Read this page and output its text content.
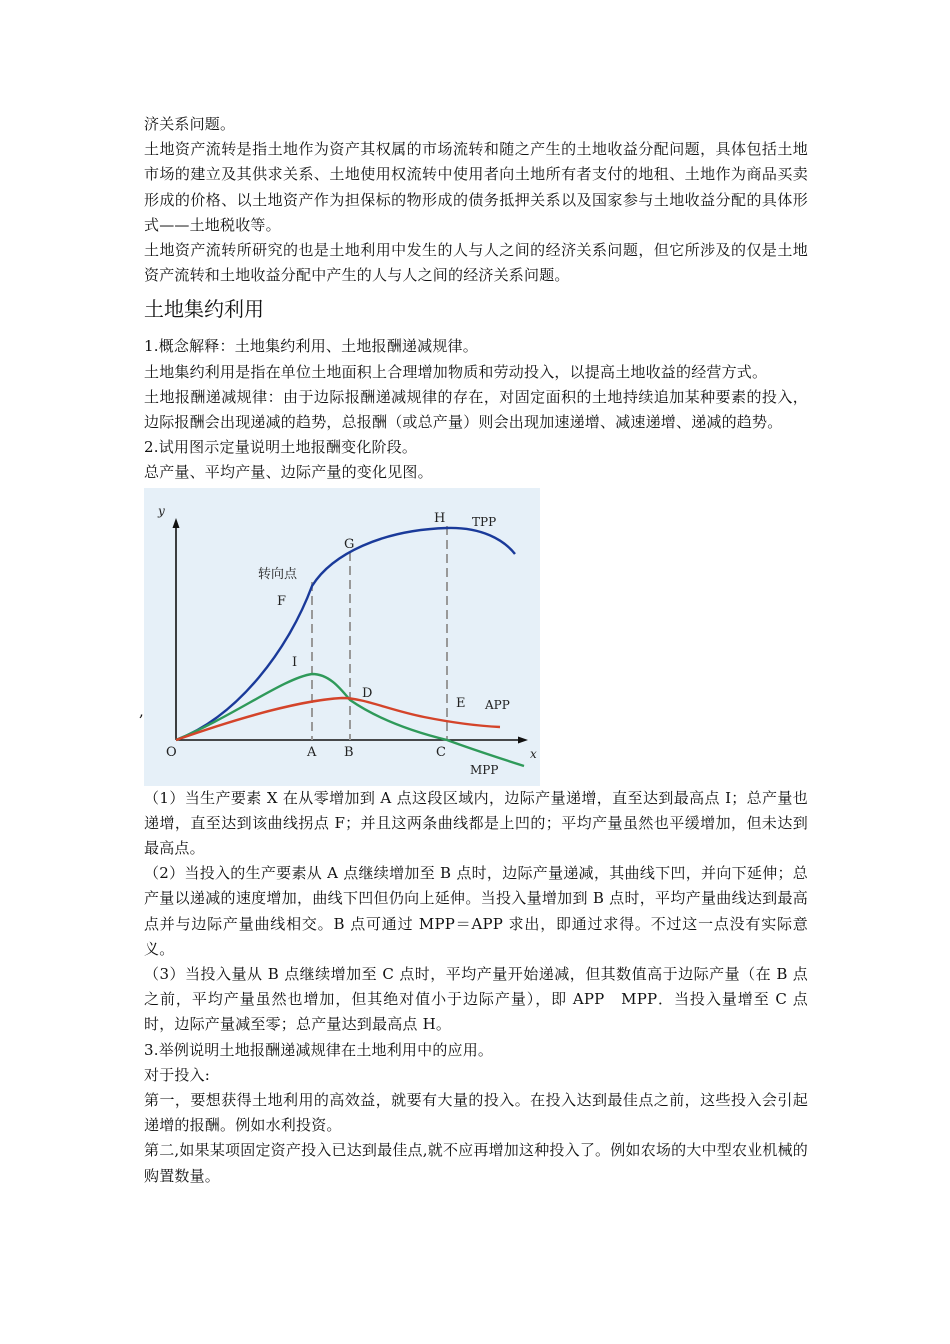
济关系问题。

土地资产流转是指土地作为资产其权属的市场流转和随之产生的土地收益分配问题，具体包括土地市场的建立及其供求关系、土地使用权流转中使用者向土地所有者支付的地租、土地作为商品买卖形成的价格、以土地资产作为担保标的物形成的债务抵押关系以及国家参与土地收益分配的具体形式——土地税收等。

土地资产流转所研究的也是土地利用中发生的人与人之间的经济关系问题，但它所涉及的仅是土地资产流转和土地收益分配中产生的人与人之间的经济关系问题。

土地集约利用

1.概念解释：土地集约利用、土地报酬递减规律。

土地集约利用是指在单位土地面积上合理增加物质和劳动投入，以提高土地收益的经营方式。

土地报酬递减规律：由于边际报酬递减规律的存在，对固定面积的土地持续追加某种要素的投入，边际报酬会出现递减的趋势，总报酬（或总产量）则会出现加速递增、减速递增、递减的趋势。

2.试用图示定量说明土地报酬变化阶段。

总产量、平均产量、边际产量的变化见图。

y
x
O	A B	C
H
G
F
I
D
E
转向点
TPP
APP
MPP
,

（1）当生产要素 X 在从零增加到 A 点这段区域内，边际产量递增，直至达到最高点 I；总产量也递增，直至达到该曲线拐点 F；并且这两条曲线都是上凹的；平均产量虽然也平缓增加，但未达到最高点。

（2）当投入的生产要素从 A 点继续增加至 B 点时，边际产量递减，其曲线下凹，并向下延伸；总产量以递减的速度增加，曲线下凹但仍向上延伸。当投入量增加到 B 点时，平均产量曲线达到最高点并与边际产量曲线相交。B 点可通过 MPP＝APP 求出，即通过求得。不过这一点没有实际意义。

（3）当投入量从 B 点继续增加至 C 点时，平均产量开始递减，但其数值高于边际产量（在 B 点之前，平均产量虽然也增加，但其绝对值小于边际产量），即 APP　MPP．当投入量增至 C 点时，边际产量减至零；总产量达到最高点 H。

3.举例说明土地报酬递减规律在土地利用中的应用。

对于投入:

第一，要想获得土地利用的高效益，就要有大量的投入。在投入达到最佳点之前，这些投入会引起递增的报酬。例如水利投资。

第二,如果某项固定资产投入已达到最佳点,就不应再增加这种投入了。例如农场的大中型农业机械的购置数量。
